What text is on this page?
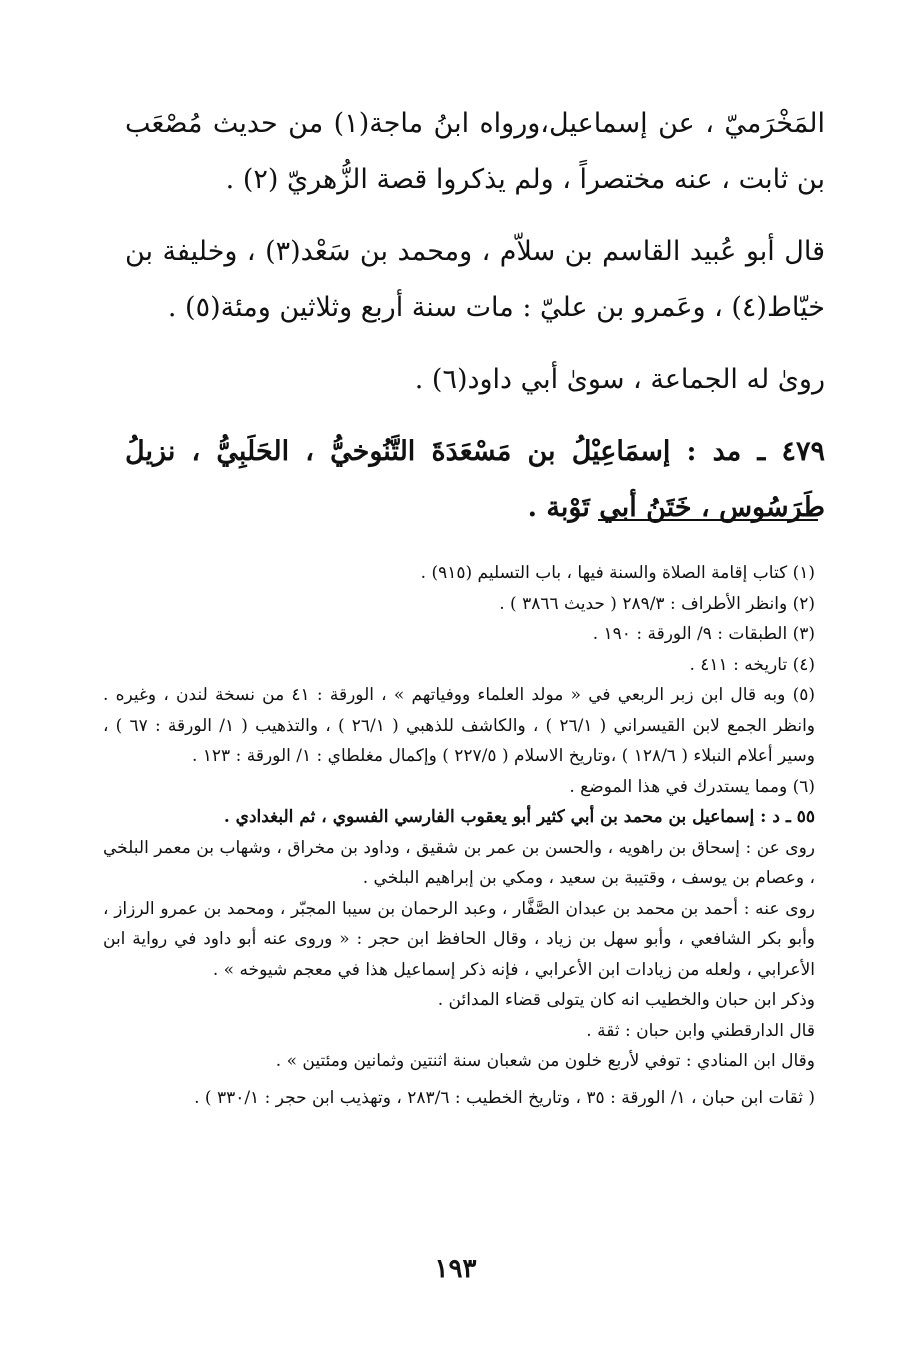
المَخْرَميّ ، عن إسماعيل،ورواه ابنُ ماجة(١) من حديث مُصْعَب بن ثابت ، عنه مختصراً ، ولم يذكروا قصة الزُّهريّ (٢) .

قال أبو عُبيد القاسم بن سلاّم ، ومحمد بن سَعْد(٣) ، وخليفة بن خيّاط(٤) ، وعَمرو بن عليّ : مات سنة أربع وثلاثين ومئة(٥) .

روىٰ له الجماعة ، سوىٰ أبي داود(٦) .

٤٧٩ ـ مد : إسمَاعِيْلُ بن مَسْعَدَةَ التَّنُوخيُّ ، الحَلَبِيُّ ، نزيلُ طَرَسُوس ، خَتَنُ أبي تَوْبة .

(١) كتاب إقامة الصلاة والسنة فيها ، باب التسليم (٩١٥) .

(٢) وانظر الأطراف : ٢٨٩/٣ ( حديث ٣٨٦٦ ) .

(٣) الطبقات : ٩/ الورقة : ١٩٠ .

(٤) تاريخه : ٤١١ .

(٥) وبه قال ابن زبر الربعي في « مولد العلماء ووفياتهم » ، الورقة : ٤١ من نسخة لندن ، وغيره . وانظر الجمع لابن القيسراني ( ٢٦/١ ) ، والكاشف للذهبي ( ٢٦/١ ) ، والتذهيب ( ١/ الورقة : ٦٧ ) ، وسير أعلام النبلاء ( ١٢٨/٦ ) ،وتاريخ الاسلام ( ٢٢٧/٥ ) وإكمال مغلطاي : ١/ الورقة : ١٢٣ .

(٦) ومما يستدرك في هذا الموضع .

٥٥ ـ د : إسماعيل بن محمد بن أبي كثير أبو يعقوب الفارسي الفسوي ، ثم البغدادي .

روى عن : إسحاق بن راهويه ، والحسن بن عمر بن شقيق ، وداود بن مخراق ، وشهاب بن معمر البلخي ، وعصام بن يوسف ، وقتيبة بن سعيد ، ومكي بن إبراهيم البلخي .

روى عنه : أحمد بن محمد بن عبدان الصَّفَّار ، وعبد الرحمان بن سيبا المجبّر ، ومحمد بن عمرو الرزاز ، وأبو بكر الشافعي ، وأبو سهل بن زياد ، وقال الحافظ ابن حجر : « وروى عنه أبو داود في رواية ابن الأعرابي ، ولعله من زيادات ابن الأعرابي ، فإنه ذكر إسماعيل هذا في معجم شيوخه » .

وذكر ابن حبان والخطيب انه كان يتولى قضاء المدائن .

قال الدارقطني وابن حبان : ثقة .

وقال ابن المنادي : توفي لأربع خلون من شعبان سنة اثنتين وثمانين ومئتين » .

( ثقات ابن حبان ، ١/ الورقة : ٣٥ ، وتاريخ الخطيب : ٢٨٣/٦ ، وتهذيب ابن حجر : ٣٣٠/١ ) .

١٩٣
